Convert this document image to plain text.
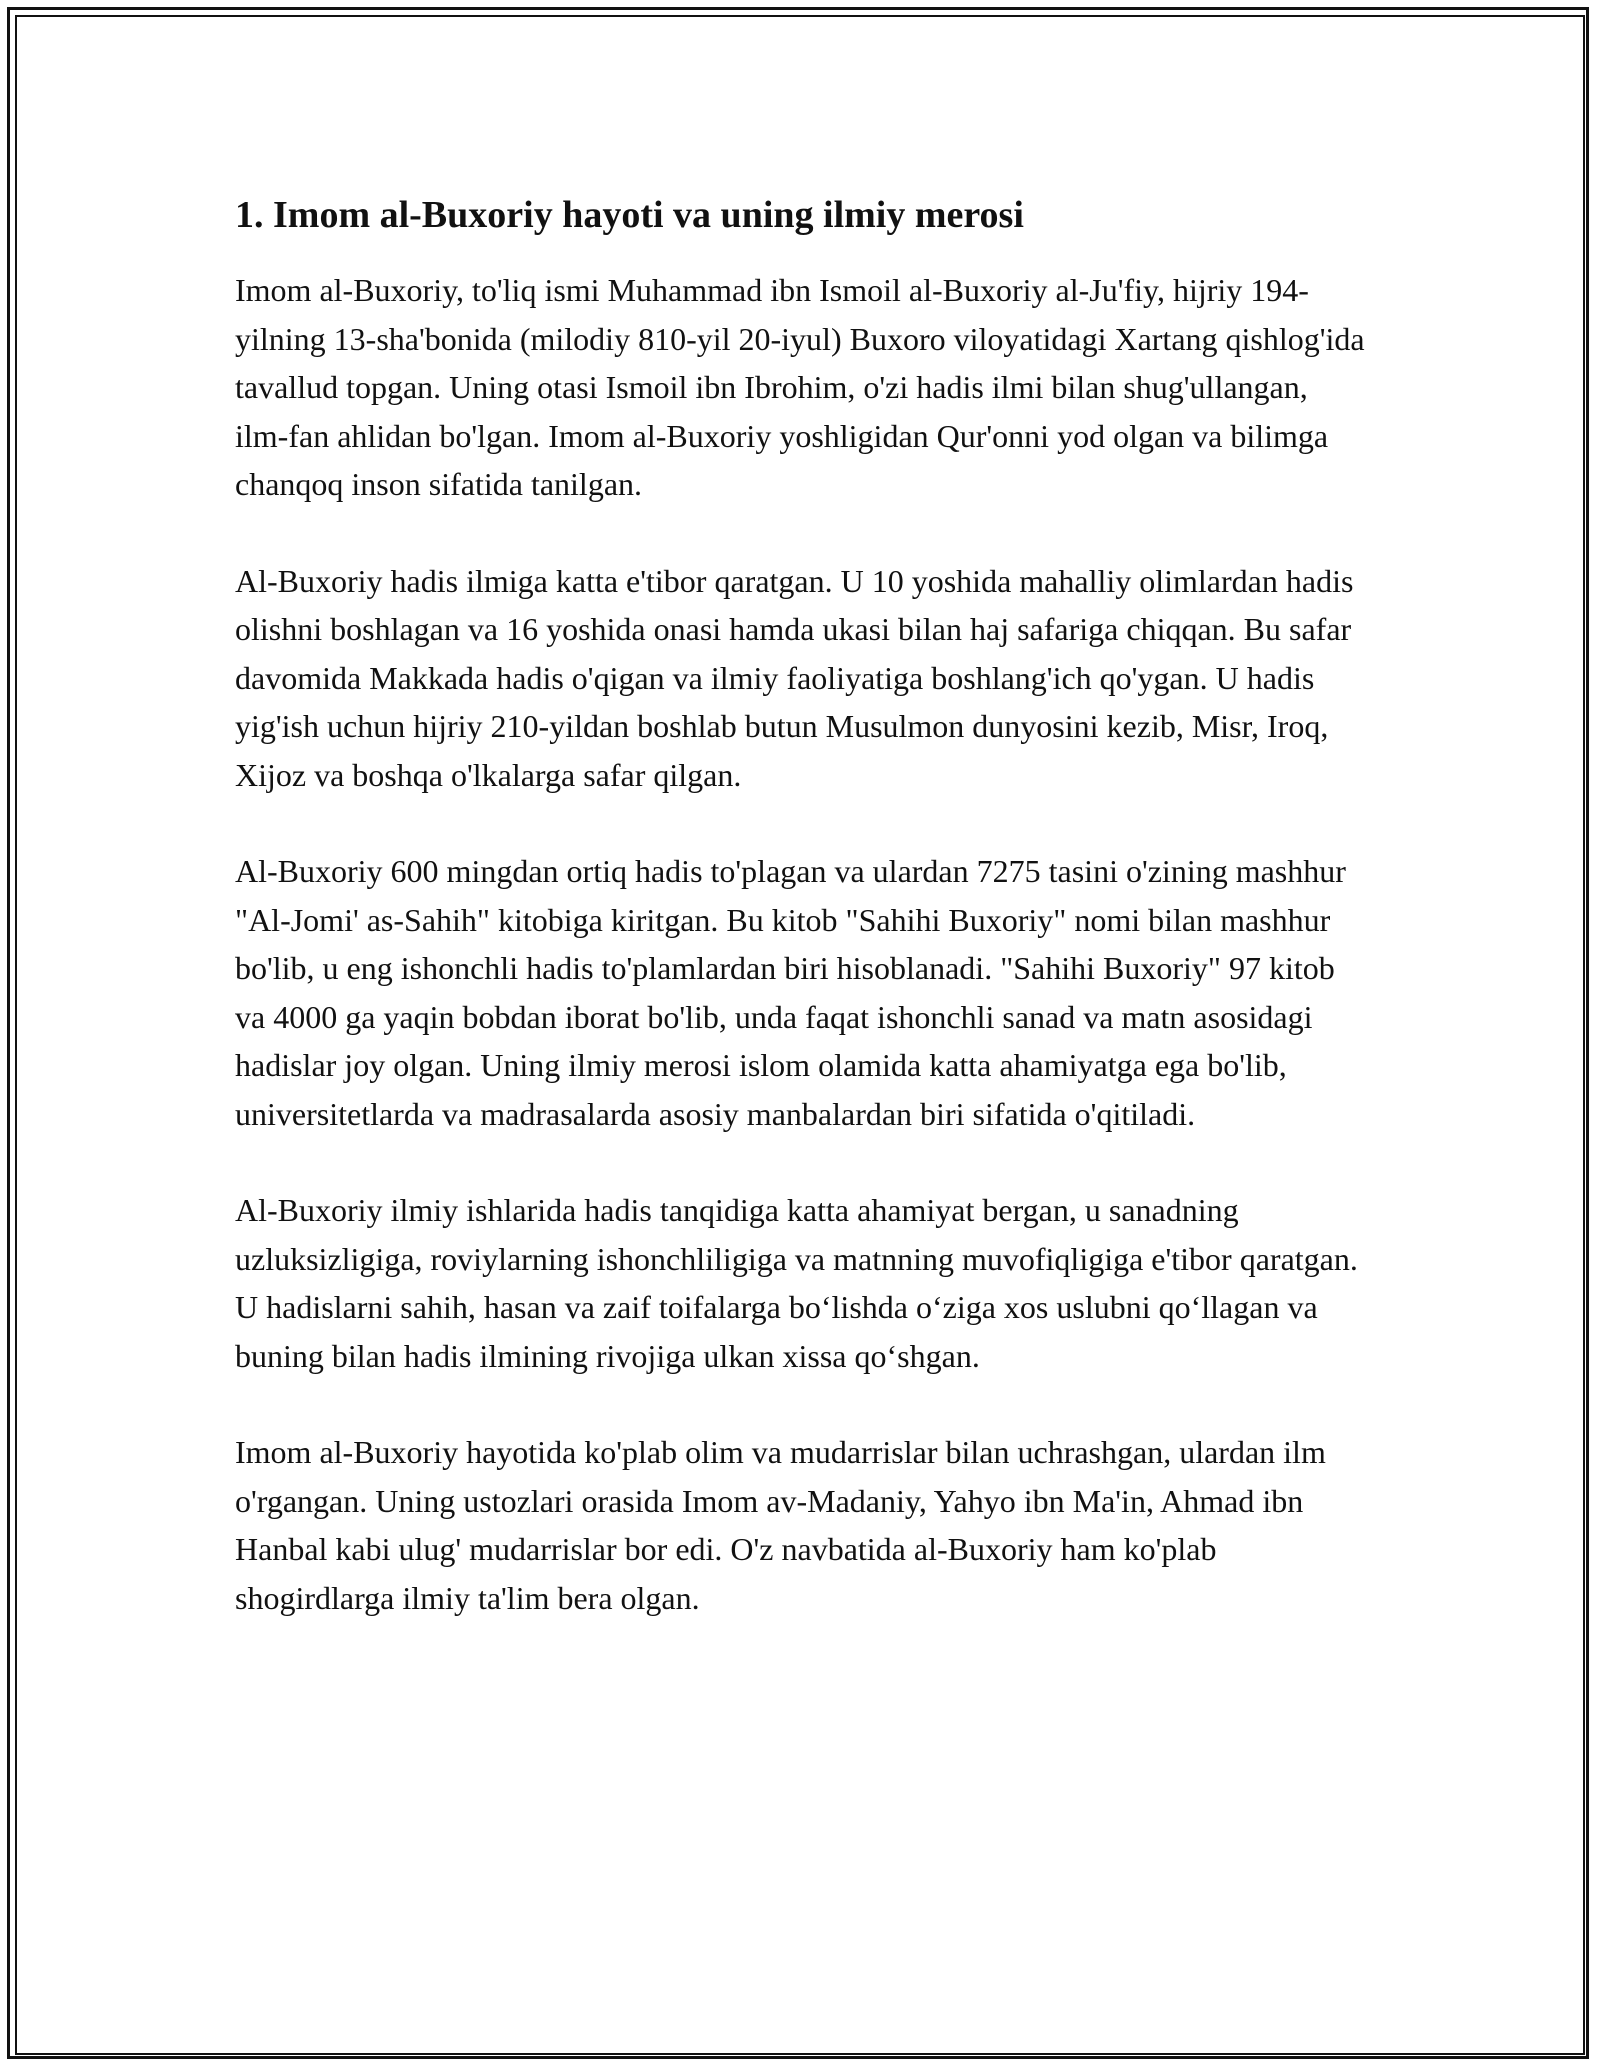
1. Imom al-Buxoriy hayoti va uning ilmiy merosi

Imom al-Buxoriy, to'liq ismi Muhammad ibn Ismoil al-Buxoriy al-Ju'fiy, hijriy 194-yilning 13-sha'bonida (milodiy 810-yil 20-iyul) Buxoro viloyatidagi Xartang qishlog'ida tavallud topgan. Uning otasi Ismoil ibn Ibrohim, o'zi hadis ilmi bilan shug'ullangan, ilm-fan ahlidan bo'lgan. Imom al-Buxoriy yoshligidan Qur'onni yod olgan va bilimga chanqoq inson sifatida tanilgan.

Al-Buxoriy hadis ilmiga katta e'tibor qaratgan. U 10 yoshida mahalliy olimlardan hadis olishni boshlagan va 16 yoshida onasi hamda ukasi bilan haj safariga chiqqan. Bu safar davomida Makkada hadis o'qigan va ilmiy faoliyatiga boshlang'ich qo'ygan. U hadis yig'ish uchun hijriy 210-yildan boshlab butun Musulmon dunyosini kezib, Misr, Iroq, Xijoz va boshqa o'lkalarga safar qilgan.

Al-Buxoriy 600 mingdan ortiq hadis to'plagan va ulardan 7275 tasini o'zining mashhur "Al-Jomi' as-Sahih" kitobiga kiritgan. Bu kitob "Sahihi Buxoriy" nomi bilan mashhur bo'lib, u eng ishonchli hadis to'plamlardan biri hisoblanadi. "Sahihi Buxoriy" 97 kitob va 4000 ga yaqin bobdan iborat bo'lib, unda faqat ishonchli sanad va matn asosidagi hadislar joy olgan. Uning ilmiy merosi islom olamida katta ahamiyatga ega bo'lib, universitetlarda va madrasalarda asosiy manbalardan biri sifatida o'qitiladi.

Al-Buxoriy ilmiy ishlarida hadis tanqidiga katta ahamiyat bergan, u sanadning uzluksizligiga, roviylarning ishonchliligiga va matnning muvofiqligiga e'tibor qaratgan. U hadislarni sahih, hasan va zaif toifalarga bo‘lishda o‘ziga xos uslubni qo‘llagan va buning bilan hadis ilmining rivojiga ulkan xissa qo‘shgan.

Imom al-Buxoriy hayotida ko'plab olim va mudarrislar bilan uchrashgan, ulardan ilm o'rgangan. Uning ustozlari orasida Imom av-Madaniy, Yahyo ibn Ma'in, Ahmad ibn Hanbal kabi ulug' mudarrislar bor edi. O'z navbatida al-Buxoriy ham ko'plab shogirdlarga ilmiy ta'lim bera olgan.
